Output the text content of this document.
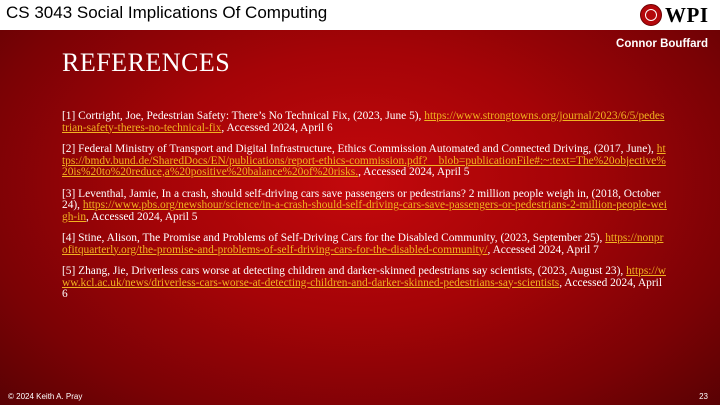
CS 3043 Social Implications Of Computing	WPI
Connor Bouffard
REFERENCES

[1] Cortright, Joe, Pedestrian Safety: There’s No Technical Fix, (2023, June 5), https://www.strongtowns.org/journal/2023/6/5/pedestrian-safety-theres-no-technical-fix, Accessed 2024, April 6

[2] Federal Ministry of Transport and Digital Infrastructure, Ethics Commission Automated and Connected Driving, (2017, June), https://bmdv.bund.de/SharedDocs/EN/publications/report-ethics-commission.pdf?__blob=publicationFile#:~:text=The%20objective%20is%20to%20reduce,a%20positive%20balance%20of%20risks., Accessed 2024, April 5

[3] Leventhal, Jamie, In a crash, should self-driving cars save passengers or pedestrians? 2 million people weigh in, (2018, October 24), https://www.pbs.org/newshour/science/in-a-crash-should-self-driving-cars-save-passengers-or-pedestrians-2-million-people-weigh-in, Accessed 2024, April 5

[4] Stine, Alison, The Promise and Problems of Self-Driving Cars for the Disabled Community, (2023, September 25), https://nonprofitquarterly.org/the-promise-and-problems-of-self-driving-cars-for-the-disabled-community/, Accessed 2024, April 7

[5] Zhang, Jie, Driverless cars worse at detecting children and darker-skinned pedestrians say scientists, (2023, August 23), https://www.kcl.ac.uk/news/driverless-cars-worse-at-detecting-children-and-darker-skinned-pedestrians-say-scientists, Accessed 2024, April 6

© 2024 Keith A. Pray	23
